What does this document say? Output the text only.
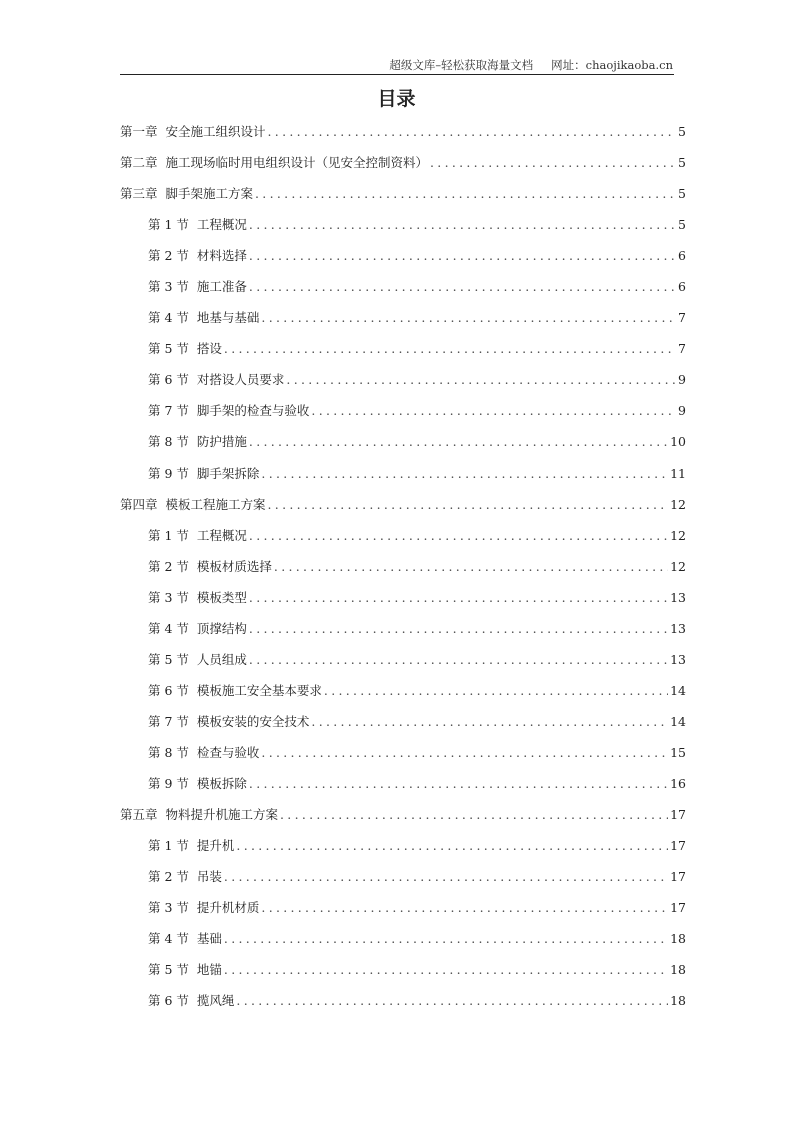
超级文库–轻松获取海量文档 网址：chaojikaoba.cn
目录
第一章 安全施工组织设计 .....	5
第二章 施工现场临时用电组织设计（见安全控制资料） .....	5
第三章 脚手架施工方案 .....	5
第 1 节 工程概况 .....	5
第 2 节 材料选择 .....	6
第 3 节 施工准备 .....	6
第 4 节 地基与基础 .....	7
第 5 节 搭设 .....	7
第 6 节 对搭设人员要求 .....	9
第 7 节 脚手架的检查与验收 .....	9
第 8 节 防护措施 .....	10
第 9 节 脚手架拆除 .....	11
第四章 模板工程施工方案 .....	12
第 1 节 工程概况 .....	12
第 2 节 模板材质选择 .....	12
第 3 节 模板类型 .....	13
第 4 节 顶撑结构 .....	13
第 5 节 人员组成 .....	13
第 6 节 模板施工安全基本要求 .....	14
第 7 节 模板安装的安全技术 .....	14
第 8 节 检查与验收 .....	15
第 9 节 模板拆除 .....	16
第五章 物料提升机施工方案 .....	17
第 1 节 提升机 .....	17
第 2 节 吊装 .....	17
第 3 节 提升机材质 .....	17
第 4 节 基础 .....	18
第 5 节 地锚 .....	18
第 6 节 揽风绳 .....	18
